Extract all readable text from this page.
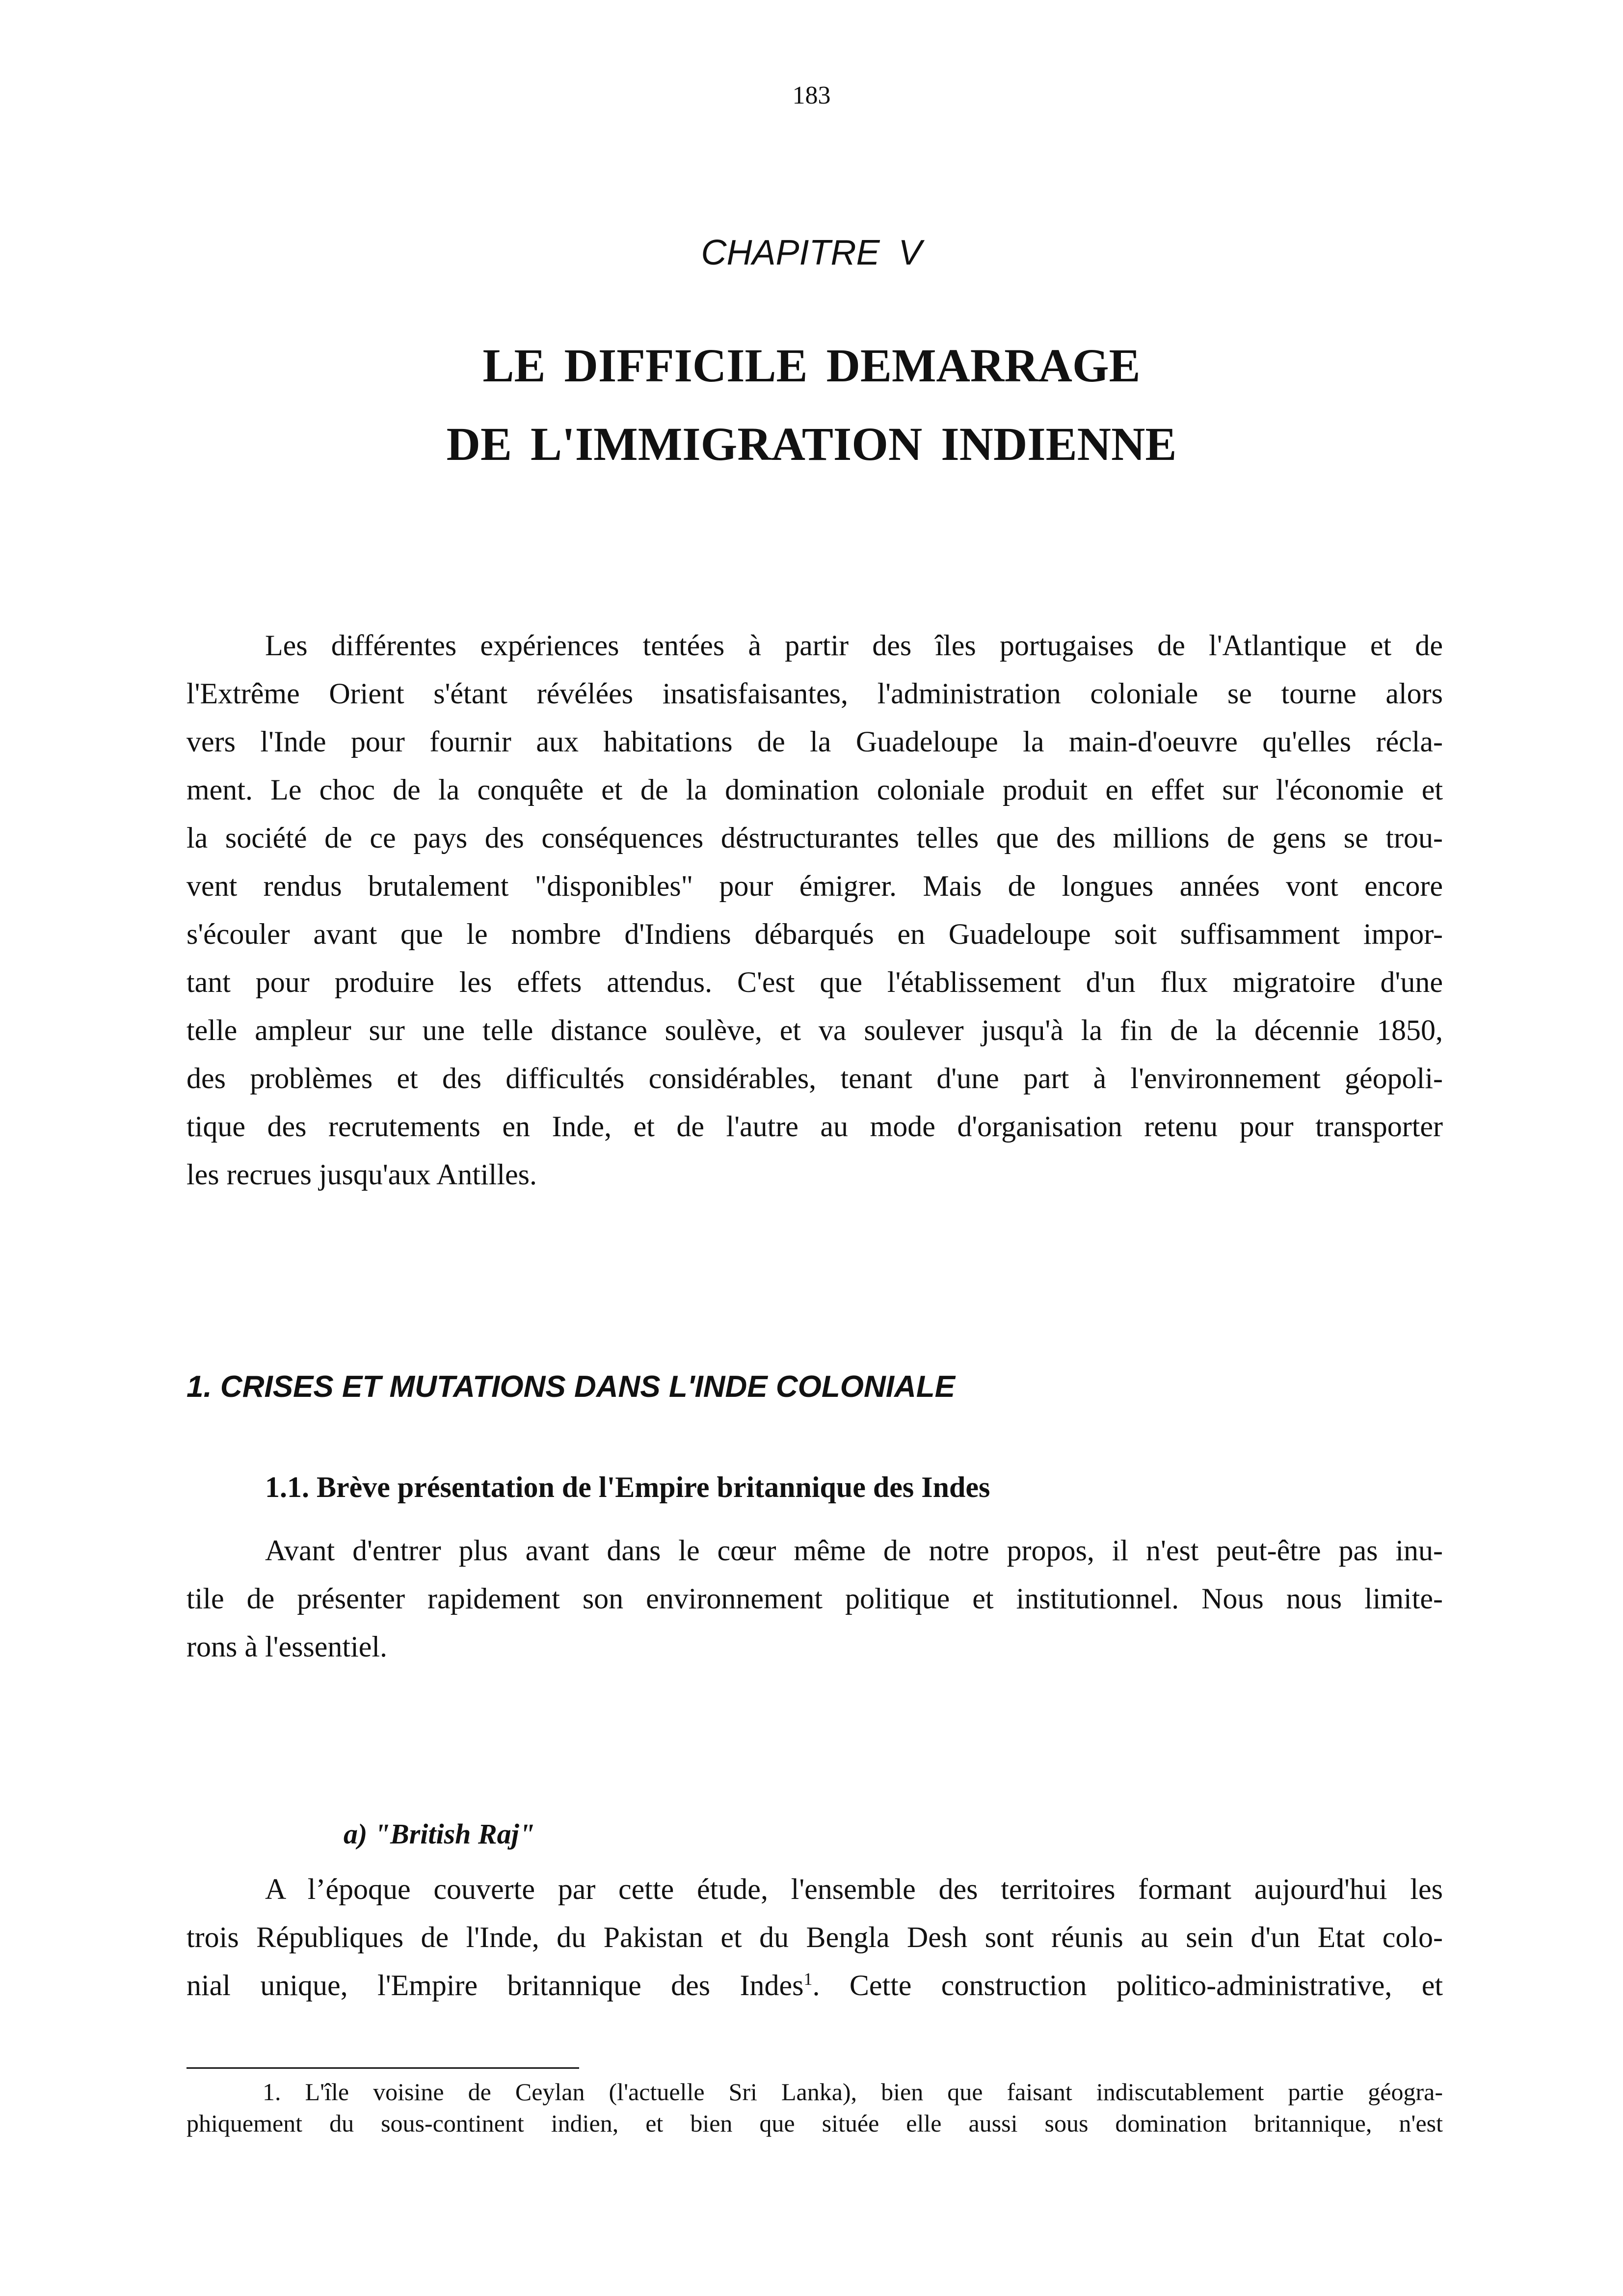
183
CHAPITRE V
LE DIFFICILE DEMARRAGE
DE L'IMMIGRATION INDIENNE

Les différentes expériences tentées à partir des îles portugaises de l'Atlantique et de
l'Extrême Orient s'étant révélées insatisfaisantes, l'administration coloniale se tourne alors
vers l'Inde pour fournir aux habitations de la Guadeloupe la main-d'oeuvre qu'elles récla-
ment. Le choc de la conquête et de la domination coloniale produit en effet sur l'économie et
la société de ce pays des conséquences déstructurantes telles que des millions de gens se trou-
vent rendus brutalement "disponibles" pour émigrer. Mais de longues années vont encore
s'écouler avant que le nombre d'Indiens débarqués en Guadeloupe soit suffisamment impor-
tant pour produire les effets attendus. C'est que l'établissement d'un flux migratoire d'une
telle ampleur sur une telle distance soulève, et va soulever jusqu'à la fin de la décennie 1850,
des problèmes et des difficultés considérables, tenant d'une part à l'environnement géopoli-
tique des recrutements en Inde, et de l'autre au mode d'organisation retenu pour transporter
les recrues jusqu'aux Antilles.

1. CRISES ET MUTATIONS DANS L'INDE COLONIALE
1.1. Brève présentation de l'Empire britannique des Indes

Avant d'entrer plus avant dans le cœur même de notre propos, il n'est peut-être pas inu-
tile de présenter rapidement son environnement politique et institutionnel. Nous nous limite-
rons à l'essentiel.

a) "British Raj"

A l’époque couverte par cette étude, l'ensemble des territoires formant aujourd'hui les
trois Républiques de l'Inde, du Pakistan et du Bengla Desh sont réunis au sein d'un Etat colo-
nial unique, l'Empire britannique des Indes$^1$. Cette construction politico-administrative, et

1. L'île voisine de Ceylan (l'actuelle Sri Lanka), bien que faisant indiscutablement partie géogra-
phiquement du sous-continent indien, et bien que située elle aussi sous domination britannique, n'est
